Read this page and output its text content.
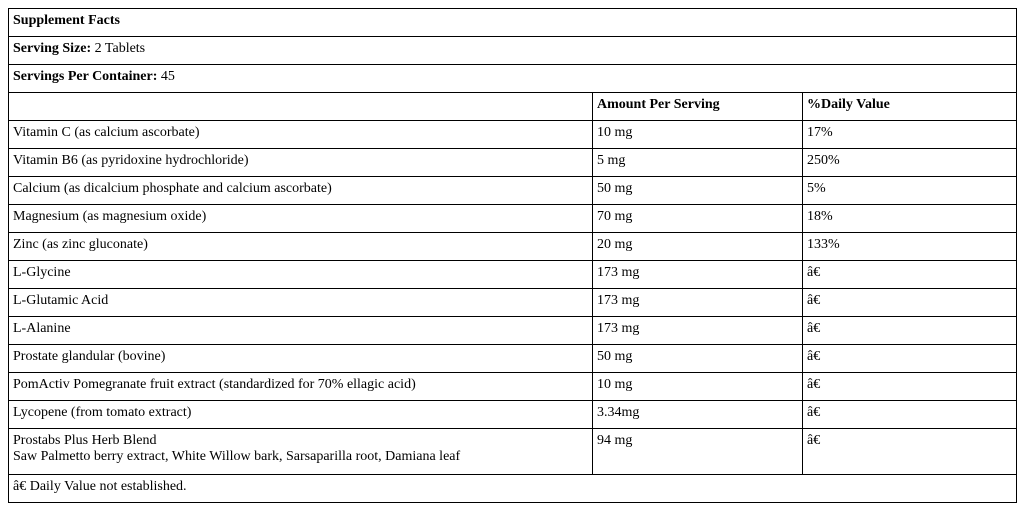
Supplement Facts		
Serving Size: 2 Tablets		
Servings Per Container: 45		
	Amount Per Serving	%Daily Value
Vitamin C (as calcium ascorbate)	10 mg	17%
Vitamin B6 (as pyridoxine hydrochloride)	5 mg	250%
Calcium (as dicalcium phosphate and calcium ascorbate)	50 mg	5%
Magnesium (as magnesium oxide)	70 mg	18%
Zinc (as zinc gluconate)	20 mg	133%
L-Glycine	173 mg	â€
L-Glutamic Acid	173 mg	â€
L-Alanine	173 mg	â€
Prostate glandular (bovine)	50 mg	â€
PomActiv Pomegranate fruit extract (standardized for 70% ellagic acid)	10 mg	â€
Lycopene (from tomato extract)	3.34mg	â€

Prostabs Plus Herb Blend
Saw Palmetto berry extract, White Willow bark, Sarsaparilla root, Damiana leaf	94 mg	â€
â€ Daily Value not established.		
